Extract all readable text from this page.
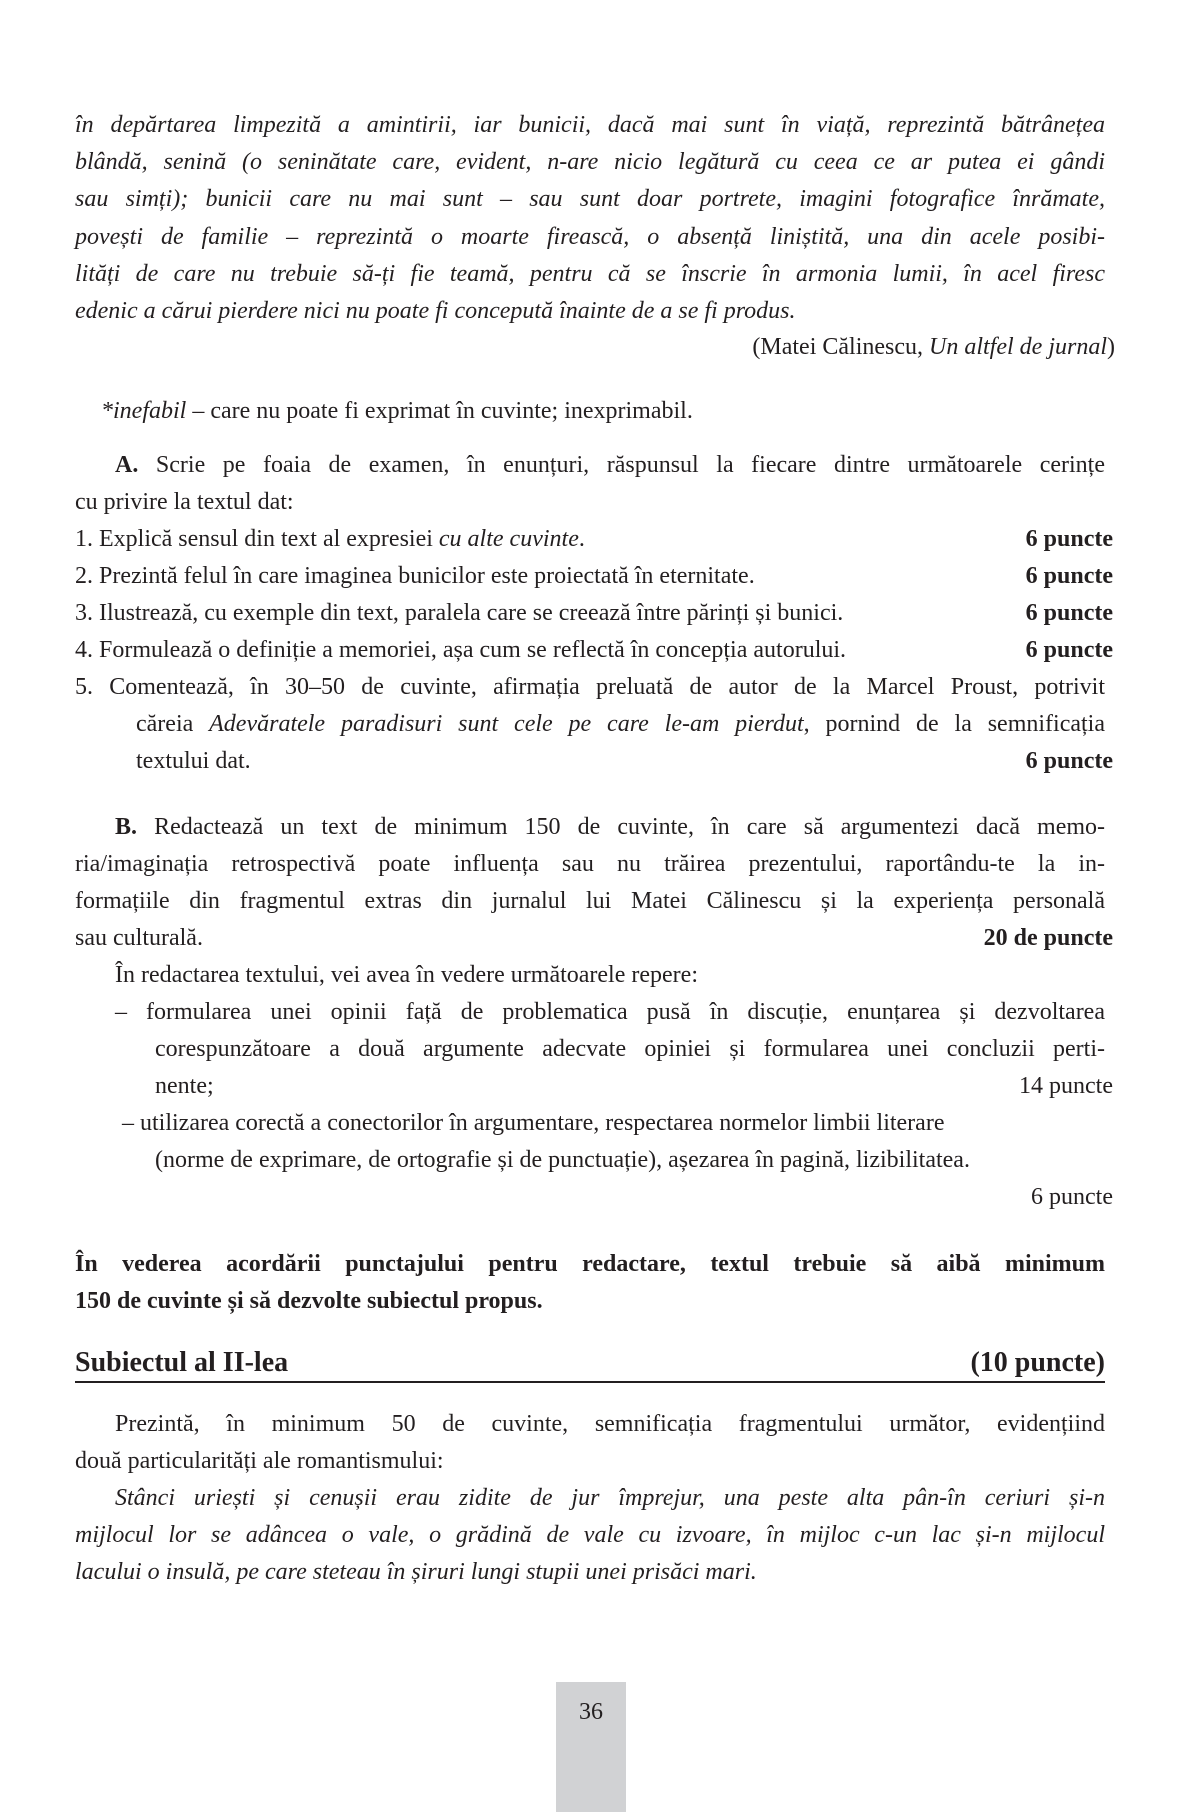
în depărtarea limpezită a amintirii, iar bunicii, dacă mai sunt în viață, reprezintă bătrânețea
blândă, senină (o seninătate care, evident, n-are nicio legătură cu ceea ce ar putea ei gândi
sau simți); bunicii care nu mai sunt – sau sunt doar portrete, imagini fotografice înrămate,
povești de familie – reprezintă o moarte firească, o absență liniștită, una din acele posibi-
lități de care nu trebuie să-ți fie teamă, pentru că se înscrie în armonia lumii, în acel firesc
edenic a cărui pierdere nici nu poate fi concepută înainte de a se fi produs.
(Matei Călinescu, Un altfel de jurnal)
*inefabil – care nu poate fi exprimat în cuvinte; inexprimabil.
A. Scrie pe foaia de examen, în enunțuri, răspunsul la fiecare dintre următoarele cerințe
cu privire la textul dat:
1. Explică sensul din text al expresiei cu alte cuvinte.	6 puncte
2. Prezintă felul în care imaginea bunicilor este proiectată în eternitate.	6 puncte
3. Ilustrează, cu exemple din text, paralela care se creează între părinți și bunici.	6 puncte
4. Formulează o definiție a memoriei, așa cum se reflectă în concepția autorului.	6 puncte
5. Comentează, în 30–50 de cuvinte, afirmația preluată de autor de la Marcel Proust, potrivit
căreia Adevăratele paradisuri sunt cele pe care le-am pierdut, pornind de la semnificația
textului dat.	6 puncte
B. Redactează un text de minimum 150 de cuvinte, în care să argumentezi dacă memo-
ria/imaginația retrospectivă poate influența sau nu trăirea prezentului, raportându-te la in-
formațiile din fragmentul extras din jurnalul lui Matei Călinescu și la experiența personală
sau culturală.	20 de puncte
În redactarea textului, vei avea în vedere următoarele repere:
– formularea unei opinii față de problematica pusă în discuție, enunțarea și dezvoltarea
corespunzătoare a două argumente adecvate opiniei și formularea unei concluzii perti-
nente;	14 puncte
– utilizarea corectă a conectorilor în argumentare, respectarea normelor limbii literare
(norme de exprimare, de ortografie și de punctuație), așezarea în pagină, lizibilitatea.
6 puncte
În vederea acordării punctajului pentru redactare, textul trebuie să aibă minimum
150 de cuvinte și să dezvolte subiectul propus.
Subiectul al II-lea	(10 puncte)
Prezintă, în minimum 50 de cuvinte, semnificația fragmentului următor, evidențiind
două particularități ale romantismului:
Stânci uriești și cenușii erau zidite de jur împrejur, una peste alta pân-în ceriuri și-n
mijlocul lor se adâncea o vale, o grădină de vale cu izvoare, în mijloc c-un lac și-n mijlocul
lacului o insulă, pe care steteau în șiruri lungi stupii unei prisăci mari.
36
